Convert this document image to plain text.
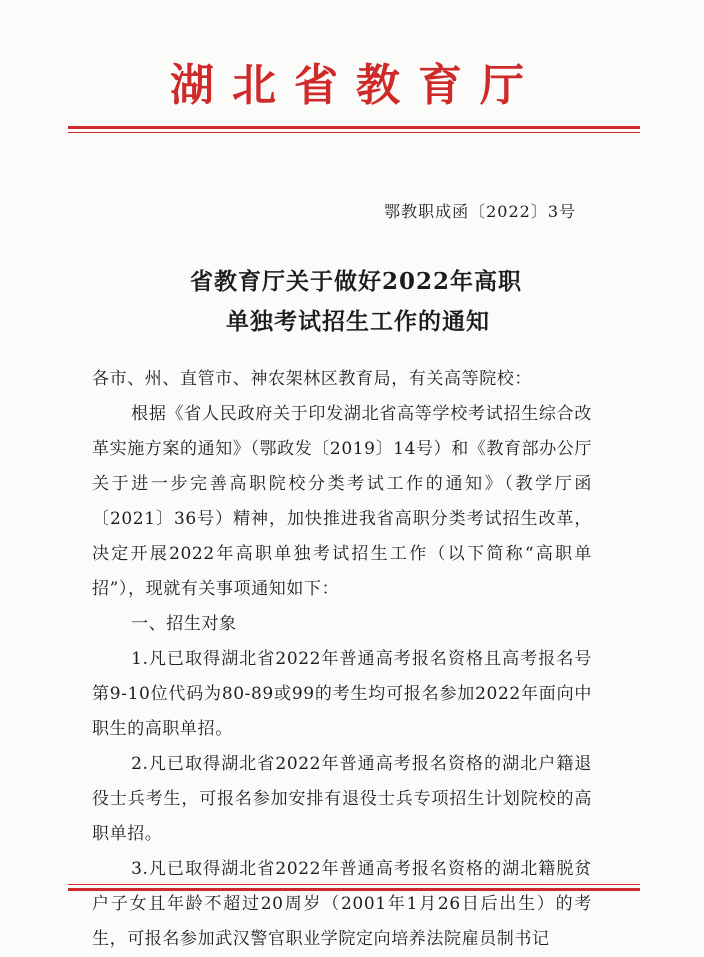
湖北省教育厅
鄂教职成函〔2022〕3号
省教育厅关于做好2022年高职
单独考试招生工作的通知

各市、州、直管市、神农架林区教育局，有关高等院校：

根据《省人民政府关于印发湖北省高等学校考试招生综合改革实施方案的通知》（鄂政发〔2019〕14号）和《教育部办公厅关于进一步完善高职院校分类考试工作的通知》（教学厅函〔2021〕36号）精神，加快推进我省高职分类考试招生改革，决定开展2022年高职单独考试招生工作（以下简称“高职单招”），现就有关事项通知如下：

一、招生对象

1.凡已取得湖北省2022年普通高考报名资格且高考报名号第9-10位代码为80-89或99的考生均可报名参加2022年面向中职生的高职单招。

2.凡已取得湖北省2022年普通高考报名资格的湖北户籍退役士兵考生，可报名参加安排有退役士兵专项招生计划院校的高职单招。

3.凡已取得湖北省2022年普通高考报名资格的湖北籍脱贫户子女且年龄不超过20周岁（2001年1月26日后出生）的考生，可报名参加武汉警官职业学院定向培养法院雇员制书记
